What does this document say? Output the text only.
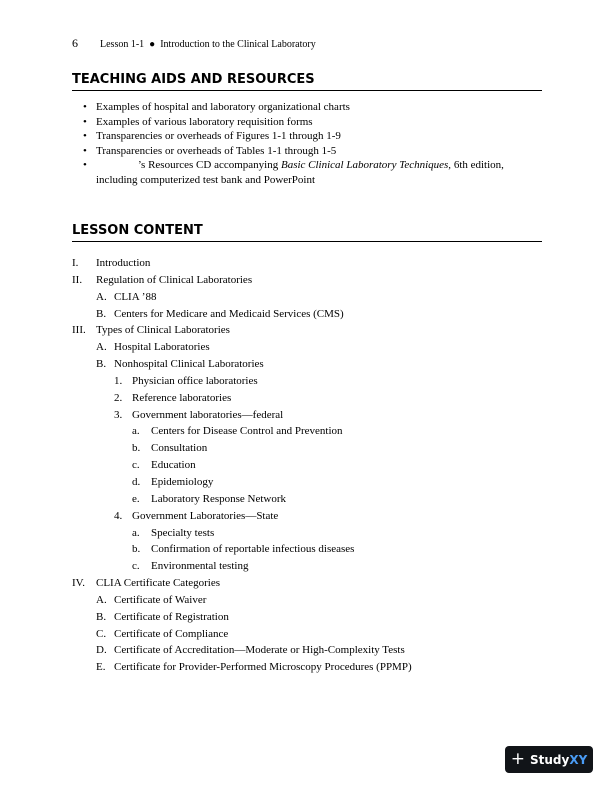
6 Lesson 1-1 ● Introduction to the Clinical Laboratory
TEACHING AIDS AND RESOURCES
• Examples of hospital and laboratory organizational charts
• Examples of various laboratory requisition forms
• Transparencies or overheads of Figures 1-1 through 1-9
• Transparencies or overheads of Tables 1-1 through 1-5
• ’s Resources CD accompanying Basic Clinical Laboratory Techniques, 6th edition, including computerized test bank and PowerPoint
LESSON CONTENT
I. Introduction
II. Regulation of Clinical Laboratories
A. CLIA ’88
B. Centers for Medicare and Medicaid Services (CMS)
III. Types of Clinical Laboratories
A. Hospital Laboratories
B. Nonhospital Clinical Laboratories
1. Physician office laboratories
2. Reference laboratories
3. Government laboratories—federal
a. Centers for Disease Control and Prevention
b. Consultation
c. Education
d. Epidemiology
e. Laboratory Response Network
4. Government Laboratories—State
a. Specialty tests
b. Confirmation of reportable infectious diseases
c. Environmental testing
IV. CLIA Certificate Categories
A. Certificate of Waiver
B. Certificate of Registration
C. Certificate of Compliance
D. Certificate of Accreditation—Moderate or High-Complexity Tests
E. Certificate for Provider-Performed Microscopy Procedures (PPMP)
+ StudyXY
